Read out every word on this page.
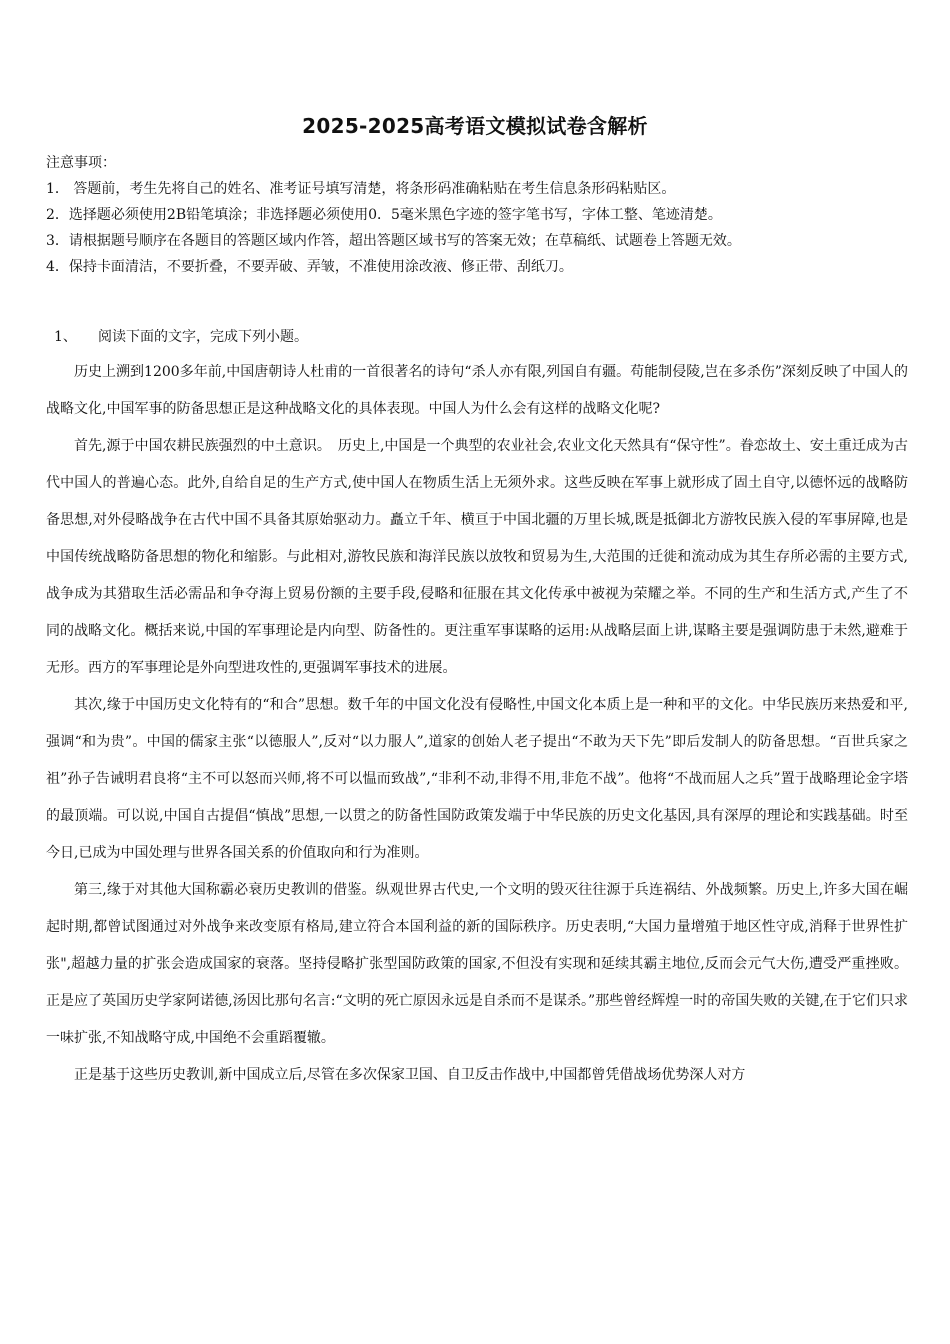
2025-2025高考语文模拟试卷含解析

注意事项：

1． 答题前，考生先将自己的姓名、准考证号填写清楚，将条形码准确粘贴在考生信息条形码粘贴区。
2．选择题必须使用2B铅笔填涂；非选择题必须使用0．5毫米黑色字迹的签字笔书写，字体工整、笔迹清楚。
3．请根据题号顺序在各题目的答题区域内作答，超出答题区域书写的答案无效；在草稿纸、试题卷上答题无效。
4．保持卡面清洁，不要折叠，不要弄破、弄皱，不准使用涂改液、修正带、刮纸刀。
1、 阅读下面的文字，完成下列小题。

历史上溯到1200多年前,中国唐朝诗人杜甫的一首很著名的诗句“杀人亦有限,列国自有疆。苟能制侵陵,岂在多杀伤”深刻反映了中国人的战略文化,中国军事的防备思想正是这种战略文化的具体表现。中国人为什么会有这样的战略文化呢?

首先,源于中国农耕民族强烈的中土意识。　历史上,中国是一个典型的农业社会,农业文化天然具有“保守性”。眷恋故土、安土重迁成为古代中国人的普遍心态。此外,自给自足的生产方式,使中国人在物质生活上无须外求。这些反映在军事上就形成了固土自守,以德怀远的战略防备思想,对外侵略战争在古代中国不具备其原始驱动力。矗立千年、横亘于中国北疆的万里长城,既是抵御北方游牧民族入侵的军事屏障,也是中国传统战略防备思想的物化和缩影。与此相对,游牧民族和海洋民族以放牧和贸易为生,大范围的迁徙和流动成为其生存所必需的主要方式,战争成为其猎取生活必需品和争夺海上贸易份额的主要手段,侵略和征服在其文化传承中被视为荣耀之举。不同的生产和生活方式,产生了不同的战略文化。概括来说,中国的军事理论是内向型、防备性的。更注重军事谋略的运用:从战略层面上讲,谋略主要是强调防患于未然,避难于无形。西方的军事理论是外向型进攻性的,更强调军事技术的进展。

其次,缘于中国历史文化特有的“和合”思想。数千年的中国文化没有侵略性,中国文化本质上是一种和平的文化。中华民族历来热爱和平,强调“和为贵”。中国的儒家主张“以德服人”,反对“以力服人”,道家的创始人老子提出“不敢为天下先”即后发制人的防备思想。“百世兵家之祖”孙子告诫明君良将“主不可以怒而兴师,将不可以愠而致战”,“非利不动,非得不用,非危不战”。他将“不战而屈人之兵”置于战略理论金字塔的最顶端。可以说,中国自古提倡“慎战”思想,一以贯之的防备性国防政策发端于中华民族的历史文化基因,具有深厚的理论和实践基础。时至今日,已成为中国处理与世界各国关系的价值取向和行为准则。

第三,缘于对其他大国称霸必衰历史教训的借鉴。纵观世界古代史,一个文明的毁灭往往源于兵连祸结、外战频繁。历史上,许多大国在崛起时期,都曾试图通过对外战争来改变原有格局,建立符合本国利益的新的国际秩序。历史表明,“大国力量增殖于地区性守成,消释于世界性扩张",超越力量的扩张会造成国家的衰落。坚持侵略扩张型国防政策的国家,不但没有实现和延续其霸主地位,反而会元气大伤,遭受严重挫败。正是应了英国历史学家阿诺德,汤因比那句名言:“文明的死亡原因永远是自杀而不是谋杀。”那些曾经辉煌一时的帝国失败的关键,在于它们只求一味扩张,不知战略守成,中国绝不会重蹈覆辙。

正是基于这些历史教训,新中国成立后,尽管在多次保家卫国、自卫反击作战中,中国都曾凭借战场优势深人对方
